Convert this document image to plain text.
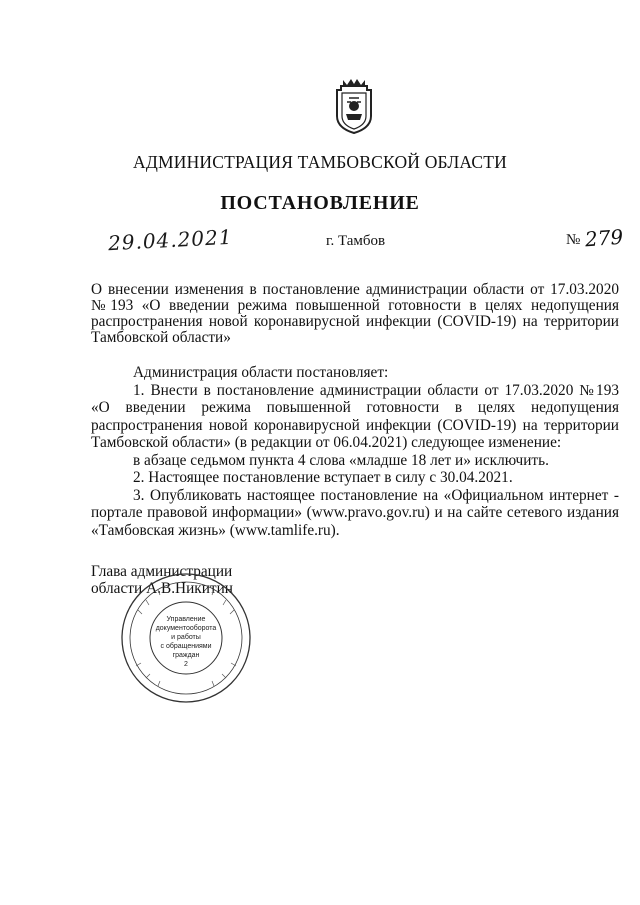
АДМИНИСТРАЦИЯ ТАМБОВСКОЙ ОБЛАСТИ
ПОСТАНОВЛЕНИЕ
29.04.2021	г. Тамбов	№ 279
О внесении изменения в постановление администрации области от 17.03.2020 №193 «О введении режима повышенной готовности в целях недопущения распространения новой коронавирусной инфекции (COVID-19) на территории Тамбовской области»

Администрация области постановляет:

1. Внести в постановление администрации области от 17.03.2020 №193 «О введении режима повышенной готовности в целях недопущения распространения новой коронавирусной инфекции (COVID-19) на территории Тамбовской области» (в редакции от 06.04.2021) следующее изменение:

в абзаце седьмом пункта 4 слова «младше 18 лет и» исключить.

2. Настоящее постановление вступает в силу с 30.04.2021.

3. Опубликовать настоящее постановление на «Официальном интернет - портале правовой информации» (www.pravo.gov.ru) и на сайте сетевого издания «Тамбовская жизнь» (www.tamlife.ru).

Глава администрации
области А.В.Никитин
Управление
документооборота
и работы
с обращениями
граждан
2
